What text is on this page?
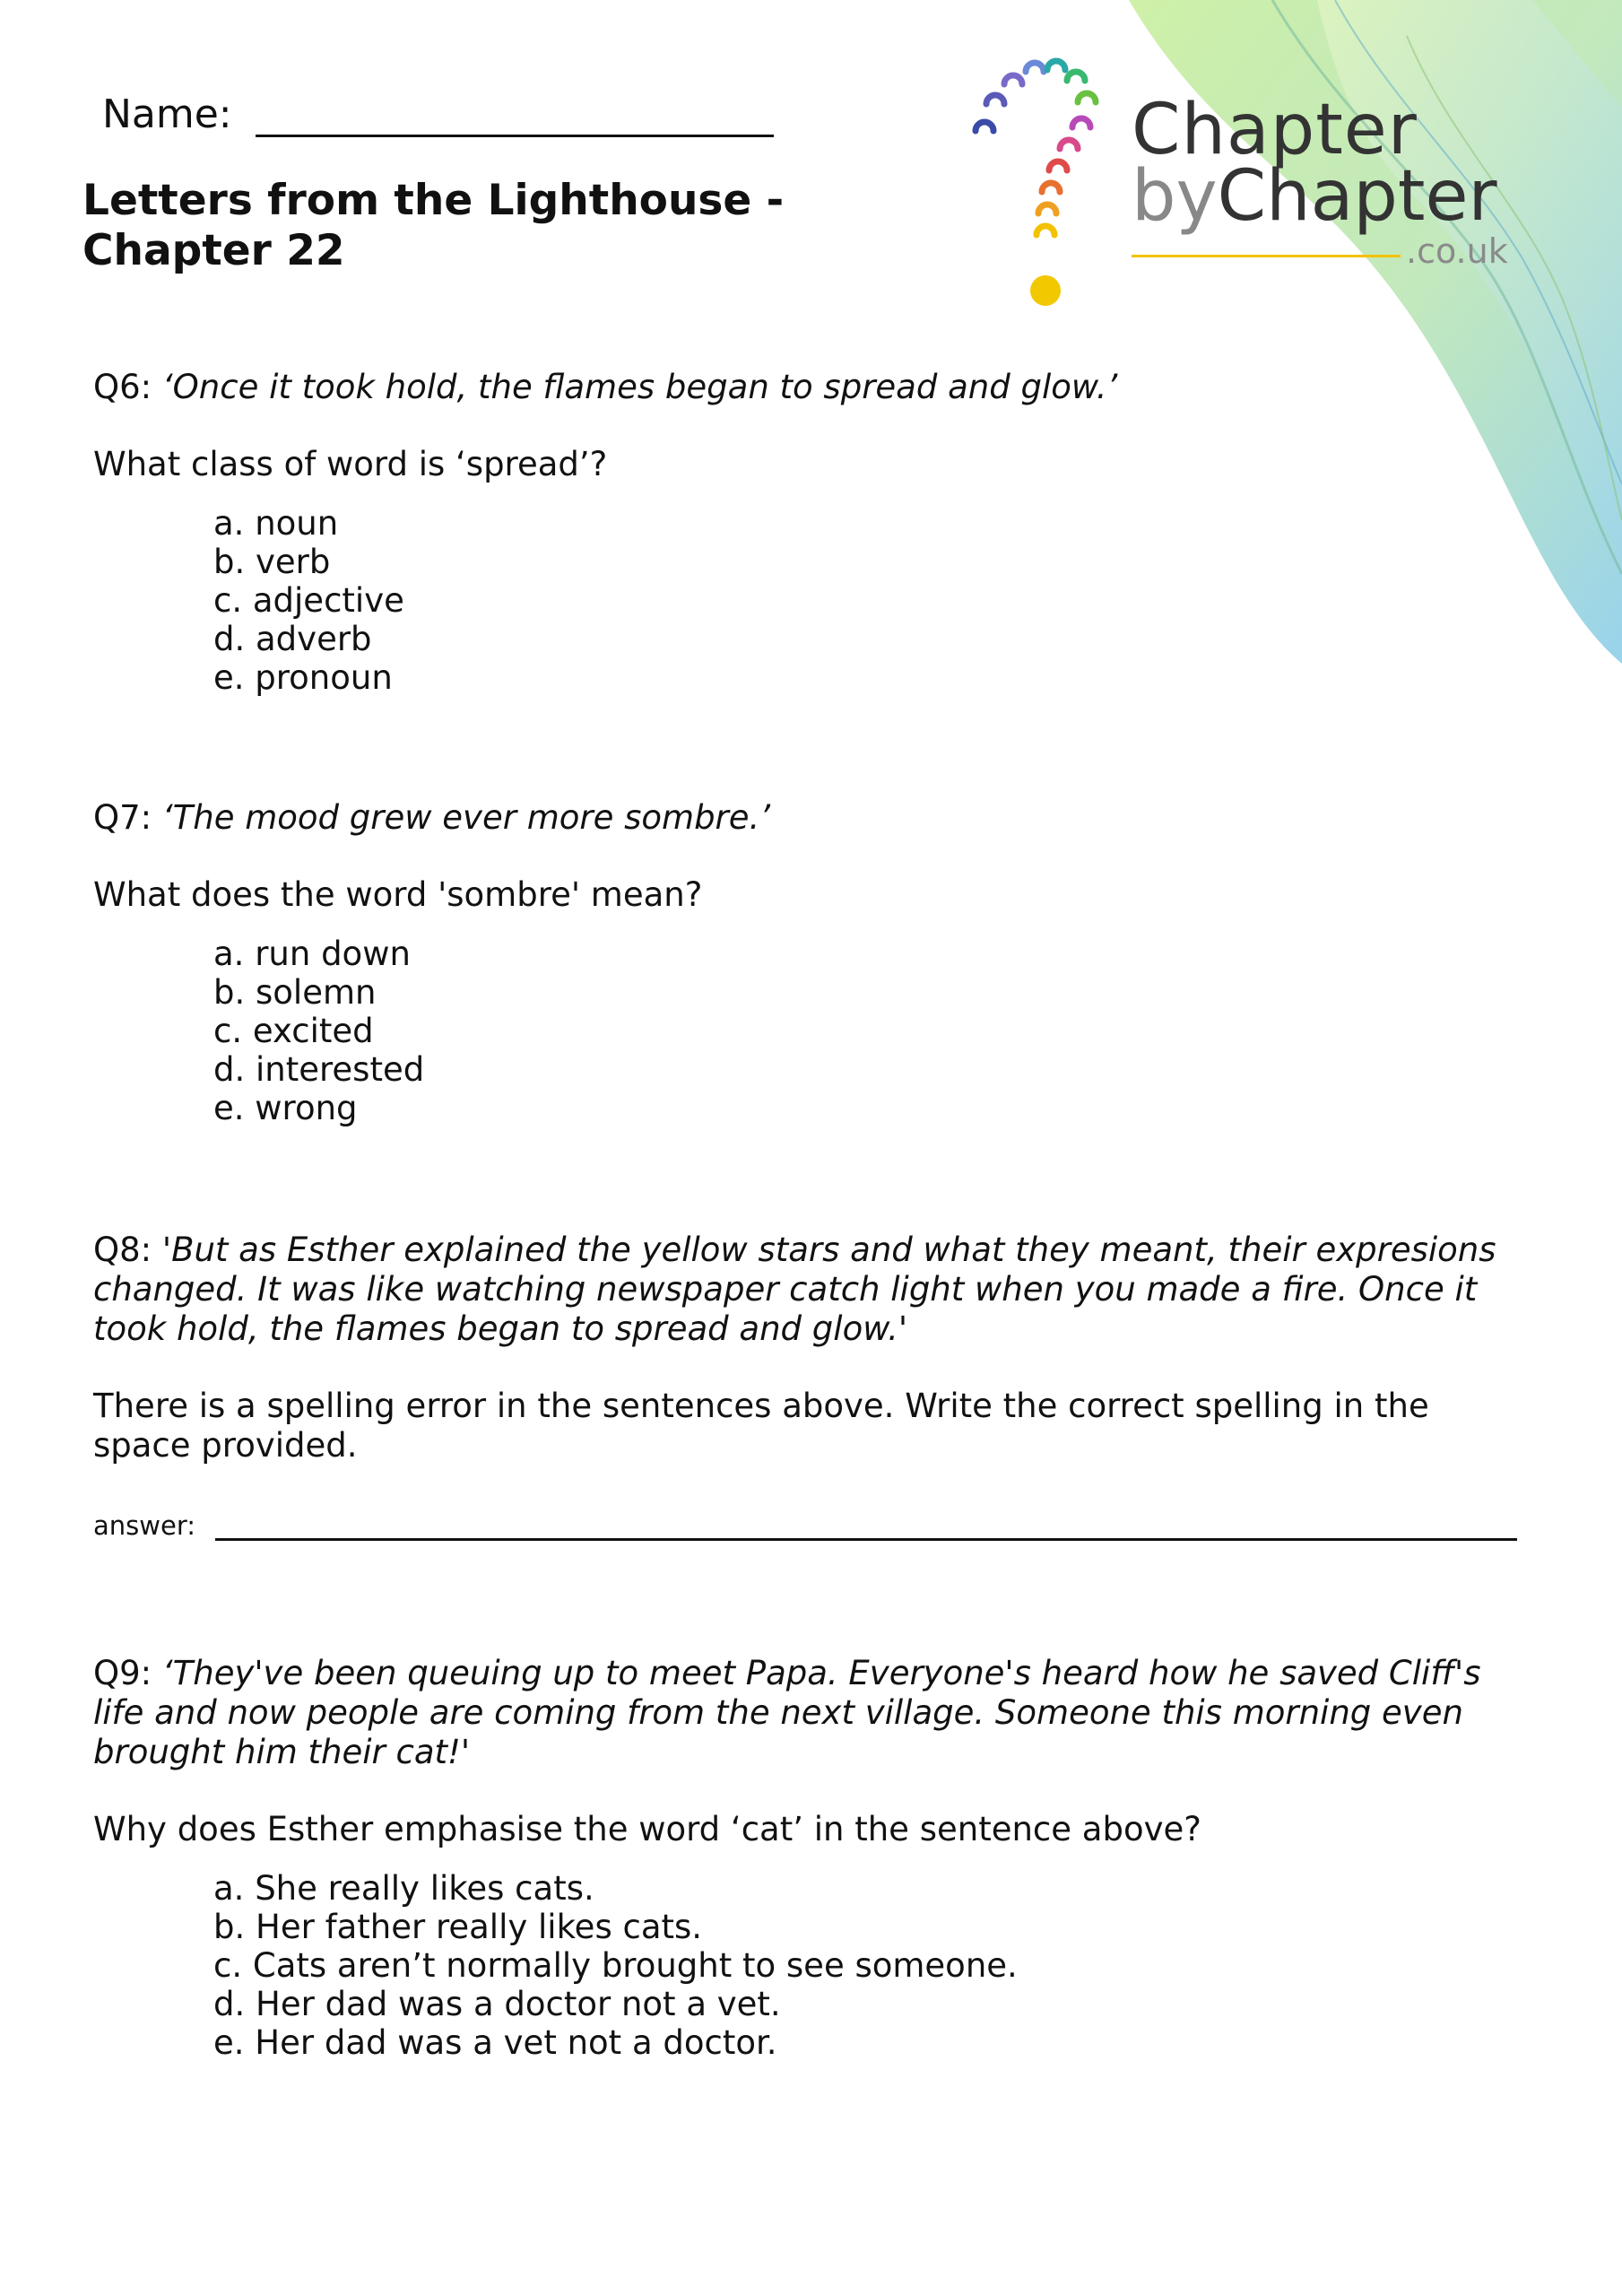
Name:
Letters from the Lighthouse - Chapter 22
Chapter
byChapter
.co.uk
Q6: ‘Once it took hold, the flames began to spread and glow.’
What class of word is ‘spread’?
a. noun
b. verb
c. adjective
d. adverb
e. pronoun
Q7: ‘The mood grew ever more sombre.’
What does the word 'sombre' mean?
a. run down
b. solemn
c. excited
d. interested
e. wrong
Q8: 'But as Esther explained the yellow stars and what they meant, their expresions changed. It was like watching newspaper catch light when you made a fire. Once it took hold, the flames began to spread and glow.'
There is a spelling error in the sentences above. Write the correct spelling in the space provided.
answer:
Q9: ‘They've been queuing up to meet Papa. Everyone's heard how he saved Cliff's life and now people are coming from the next village. Someone this morning even brought him their cat!'
Why does Esther emphasise the word ‘cat’ in the sentence above?
a. She really likes cats.
b. Her father really likes cats.
c. Cats aren’t normally brought to see someone.
d. Her dad was a doctor not a vet.
e. Her dad was a vet not a doctor.
